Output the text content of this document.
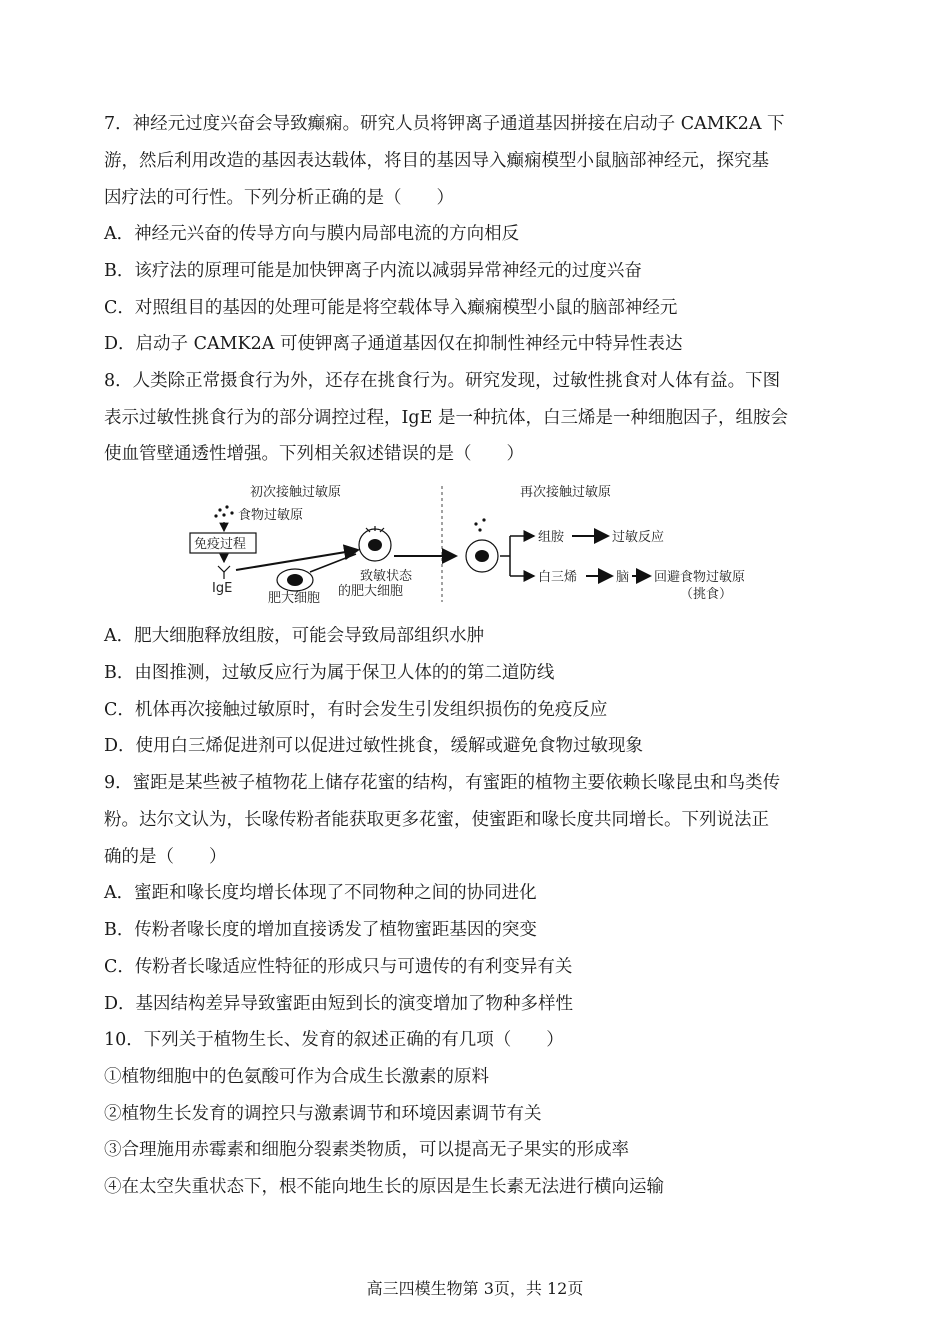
7．神经元过度兴奋会导致癫痫。研究人员将钾离子通道基因拼接在启动子 CAMK2A 下
游，然后利用改造的基因表达载体，将目的基因导入癫痫模型小鼠脑部神经元，探究基
因疗法的可行性。下列分析正确的是（　　）
A．神经元兴奋的传导方向与膜内局部电流的方向相反
B．该疗法的原理可能是加快钾离子内流以减弱异常神经元的过度兴奋
C．对照组目的基因的处理可能是将空载体导入癫痫模型小鼠的脑部神经元
D．启动子 CAMK2A 可使钾离子通道基因仅在抑制性神经元中特异性表达
8．人类除正常摄食行为外，还存在挑食行为。研究发现，过敏性挑食对人体有益。下图
表示过敏性挑食行为的部分调控过程，IgE 是一种抗体，白三烯是一种细胞因子，组胺会
使血管壁通透性增强。下列相关叙述错误的是（　　）
初次接触过敏原	再次接触过敏原
食物过敏原
免疫过程
IgE
肥大细胞
致敏状态
的肥大细胞
组胺	过敏反应
白三烯	脑 回避食物过敏原
（挑食）
A．肥大细胞释放组胺，可能会导致局部组织水肿
B．由图推测，过敏反应行为属于保卫人体的的第二道防线
C．机体再次接触过敏原时，有时会发生引发组织损伤的免疫反应
D．使用白三烯促进剂可以促进过敏性挑食，缓解或避免食物过敏现象
9．蜜距是某些被子植物花上储存花蜜的结构，有蜜距的植物主要依赖长喙昆虫和鸟类传
粉。达尔文认为，长喙传粉者能获取更多花蜜，使蜜距和喙长度共同增长。下列说法正
确的是（　　）
A．蜜距和喙长度均增长体现了不同物种之间的协同进化
B．传粉者喙长度的增加直接诱发了植物蜜距基因的突变
C．传粉者长喙适应性特征的形成只与可遗传的有利变异有关
D．基因结构差异导致蜜距由短到长的演变增加了物种多样性
10．下列关于植物生长、发育的叙述正确的有几项（　　）
①植物细胞中的色氨酸可作为合成生长激素的原料
②植物生长发育的调控只与激素调节和环境因素调节有关
③合理施用赤霉素和细胞分裂素类物质，可以提高无子果实的形成率
④在太空失重状态下，根不能向地生长的原因是生长素无法进行横向运输
高三四模生物第 3页，共 12页
